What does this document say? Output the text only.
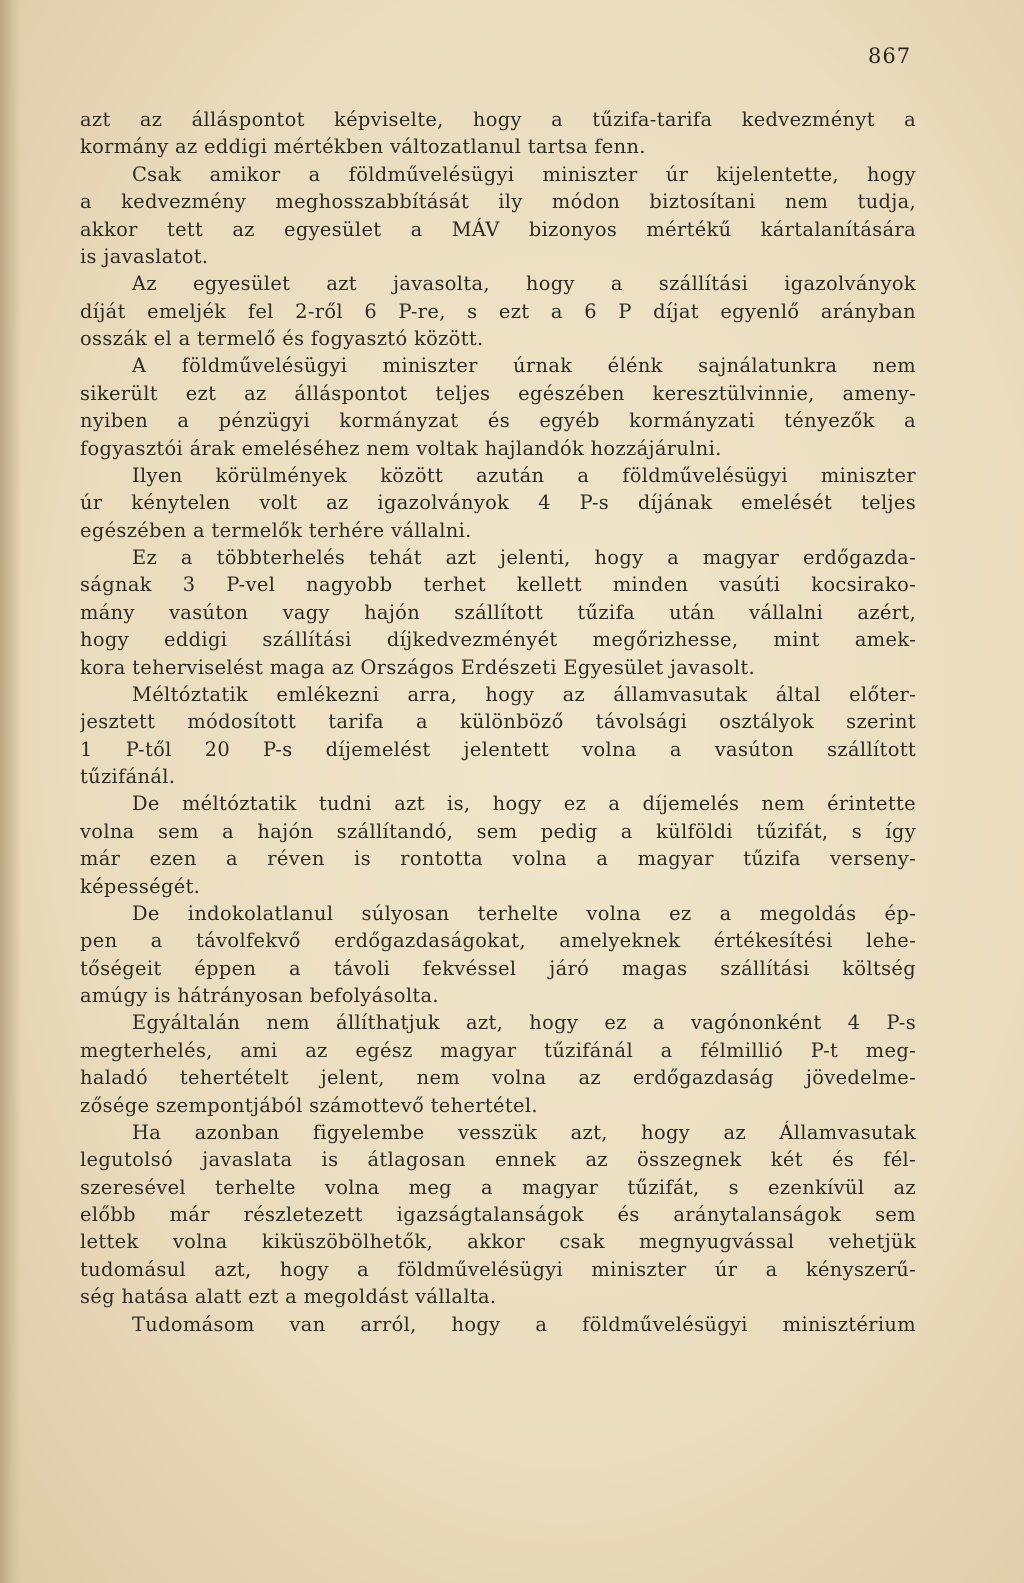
867
azt az álláspontot képviselte, hogy a tűzifa-tarifa kedvezményt a
kormány az eddigi mértékben változatlanul tartsa fenn.
Csak amikor a földművelésügyi miniszter úr kijelentette, hogy
a kedvezmény meghosszabbítását ily módon biztosítani nem tudja,
akkor tett az egyesület a MÁV bizonyos mértékű kártalanítására
is javaslatot.
Az egyesület azt javasolta, hogy a szállítási igazolványok
díját emeljék fel 2-ről 6 P-re, s ezt a 6 P díjat egyenlő arányban
osszák el a termelő és fogyasztó között.
A földművelésügyi miniszter úrnak élénk sajnálatunkra nem
sikerült ezt az álláspontot teljes egészében keresztülvinnie, ameny-
nyiben a pénzügyi kormányzat és egyéb kormányzati tényezők a
fogyasztói árak emeléséhez nem voltak hajlandók hozzájárulni.
Ilyen körülmények között azután a földművelésügyi miniszter
úr kénytelen volt az igazolványok 4 P-s díjának emelését teljes
egészében a termelők terhére vállalni.
Ez a többterhelés tehát azt jelenti, hogy a magyar erdőgazda-
ságnak 3 P-vel nagyobb terhet kellett minden vasúti kocsirako-
mány vasúton vagy hajón szállított tűzifa után vállalni azért,
hogy eddigi szállítási díjkedvezményét megőrizhesse, mint amek-
kora teherviselést maga az Országos Erdészeti Egyesület javasolt.
Méltóztatik emlékezni arra, hogy az államvasutak által előter-
jesztett módosított tarifa a különböző távolsági osztályok szerint
1 P-től 20 P-s díjemelést jelentett volna a vasúton szállított
tűzifánál.
De méltóztatik tudni azt is, hogy ez a díjemelés nem érintette
volna sem a hajón szállítandó, sem pedig a külföldi tűzifát, s így
már ezen a réven is rontotta volna a magyar tűzifa verseny-
képességét.
De indokolatlanul súlyosan terhelte volna ez a megoldás ép-
pen a távolfekvő erdőgazdaságokat, amelyeknek értékesítési lehe-
tőségeit éppen a távoli fekvéssel járó magas szállítási költség
amúgy is hátrányosan befolyásolta.
Egyáltalán nem állíthatjuk azt, hogy ez a vagónonként 4 P-s
megterhelés, ami az egész magyar tűzifánál a félmillió P-t meg-
haladó tehertételt jelent, nem volna az erdőgazdaság jövedelme-
zősége szempontjából számottevő tehertétel.
Ha azonban figyelembe vesszük azt, hogy az Államvasutak
legutolsó javaslata is átlagosan ennek az összegnek két és fél-
szeresével terhelte volna meg a magyar tűzifát, s ezenkívül az
előbb már részletezett igazságtalanságok és aránytalanságok sem
lettek volna kiküszöbölhetők, akkor csak megnyugvással vehetjük
tudomásul azt, hogy a földművelésügyi miniszter úr a kényszerű-
ség hatása alatt ezt a megoldást vállalta.
Tudomásom van arról, hogy a földművelésügyi minisztérium
